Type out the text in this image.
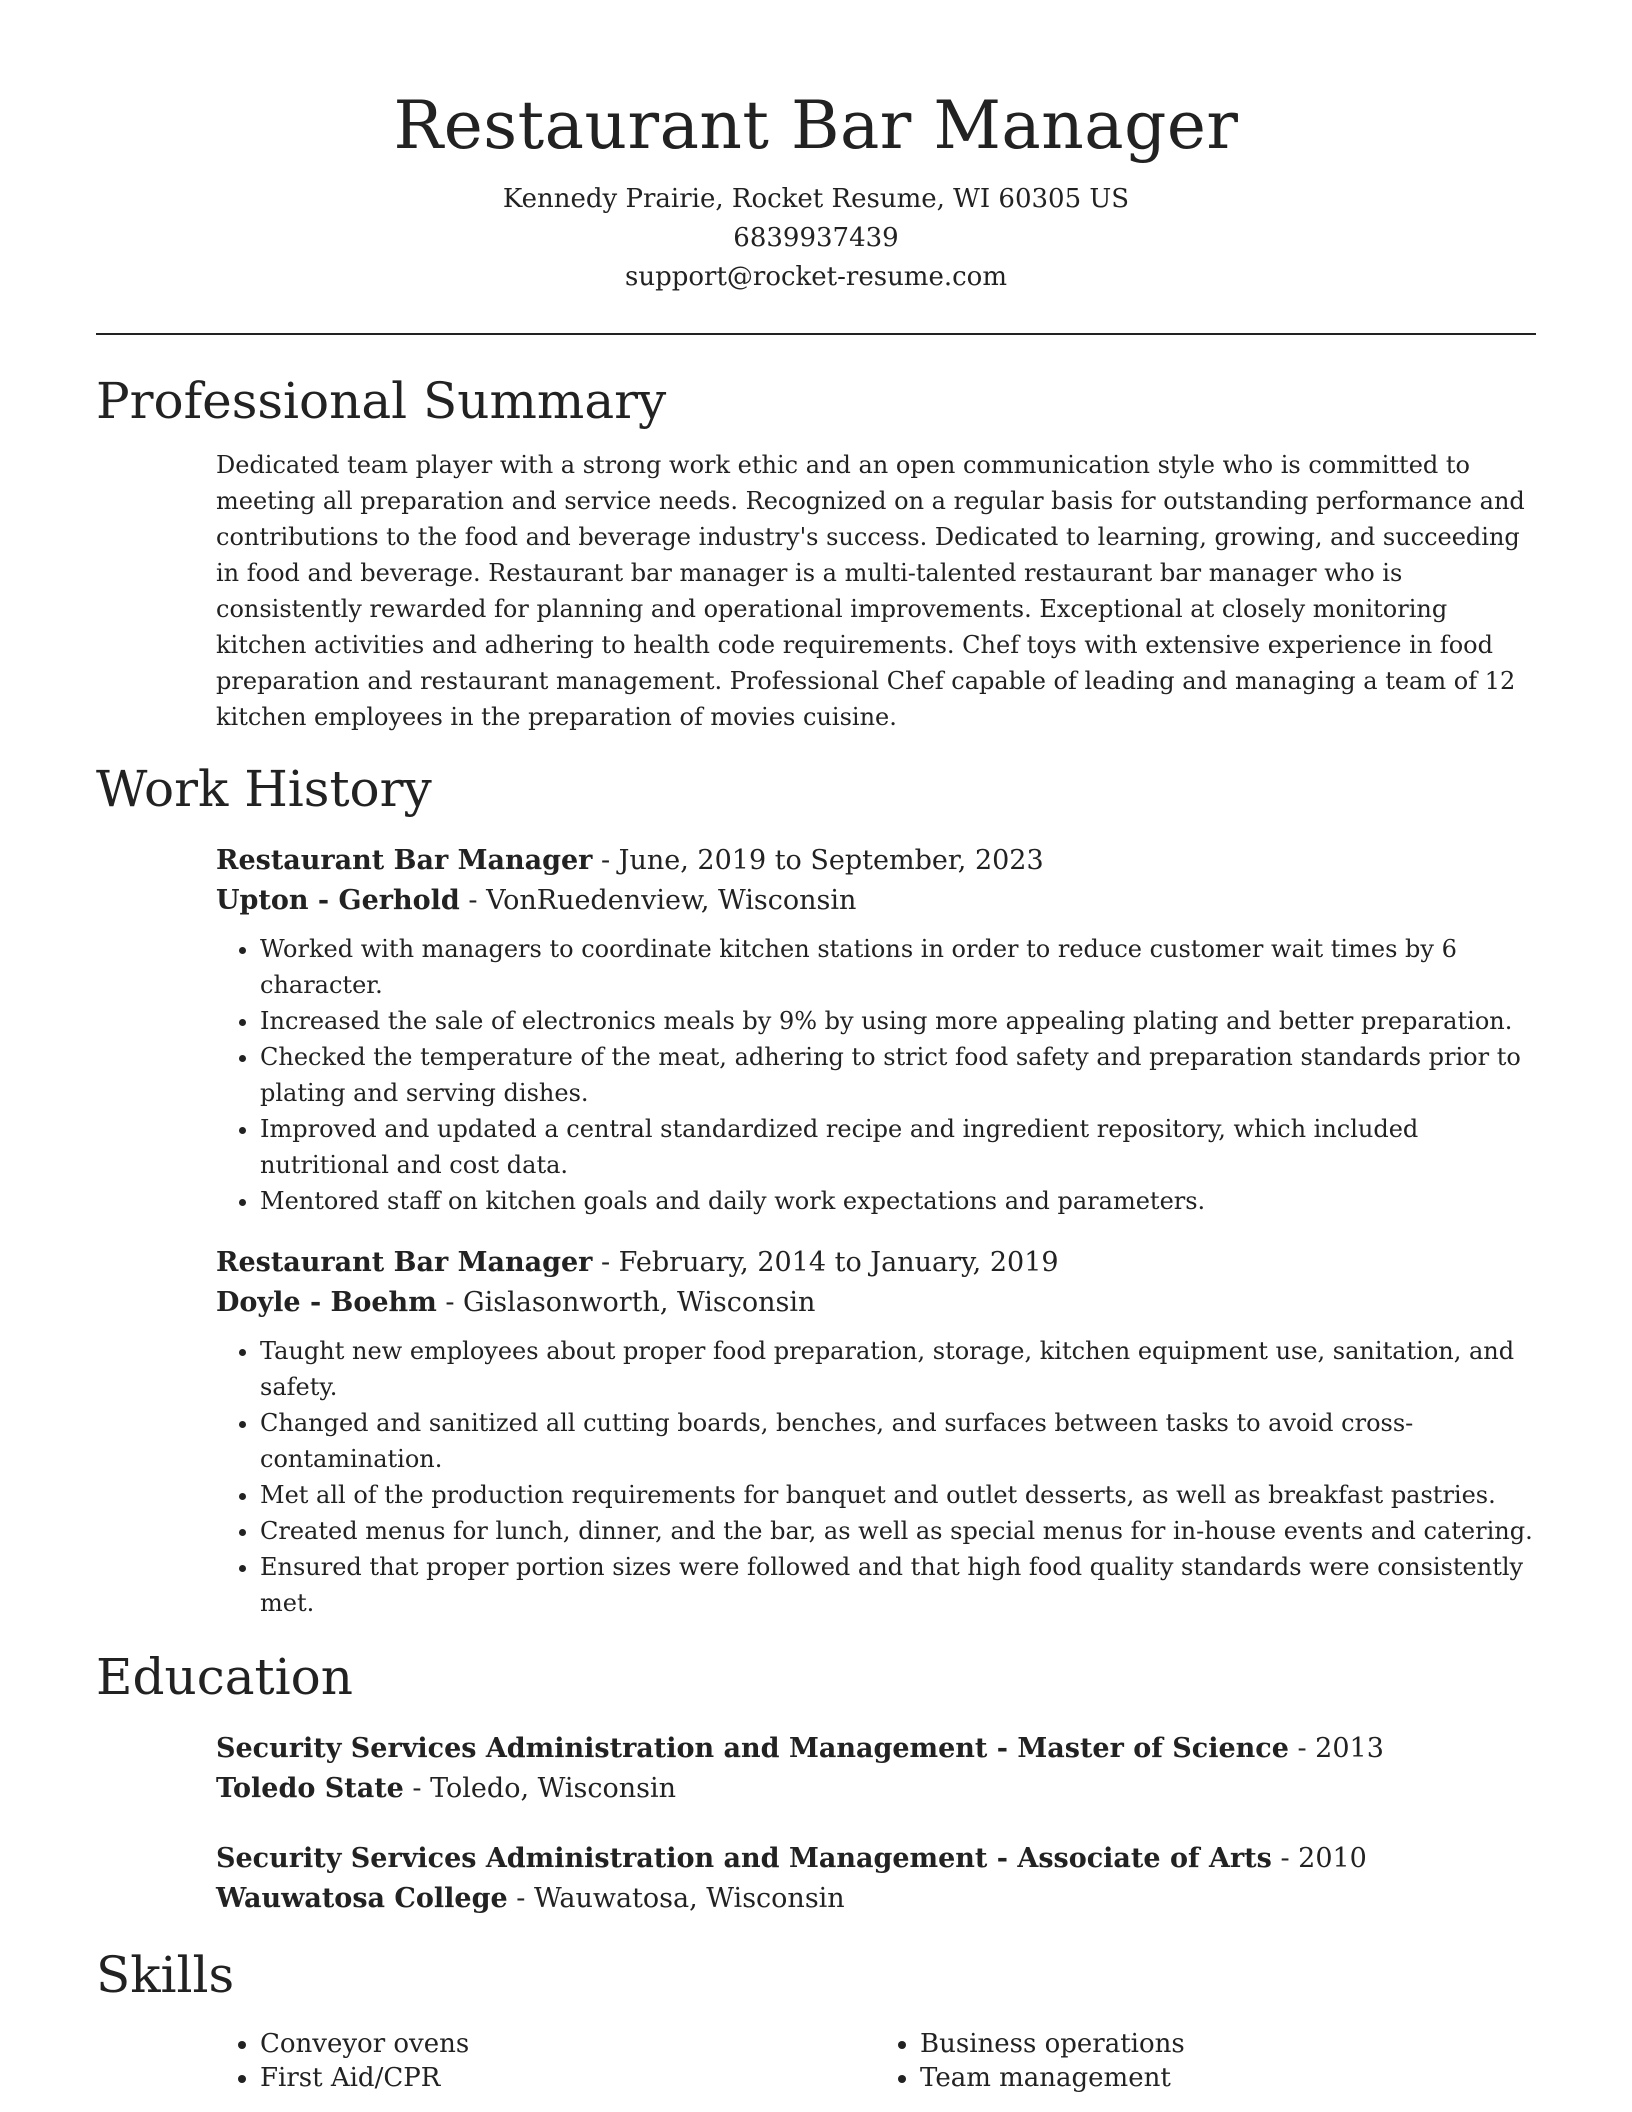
Restaurant Bar Manager
Kennedy Prairie, Rocket Resume, WI 60305 US
6839937439
support@rocket-resume.com
Professional Summary

Dedicated team player with a strong work ethic and an open communication style who is committed to meeting all preparation and service needs. Recognized on a regular basis for outstanding performance and contributions to the food and beverage industry's success. Dedicated to learning, growing, and succeeding in food and beverage. Restaurant bar manager is a multi-talented restaurant bar manager who is consistently rewarded for planning and operational improvements. Exceptional at closely monitoring kitchen activities and adhering to health code requirements. Chef toys with extensive experience in food preparation and restaurant management. Professional Chef capable of leading and managing a team of 12 kitchen employees in the preparation of movies cuisine.

Work History
Restaurant Bar Manager - June, 2019 to September, 2023
Upton - Gerhold - VonRuedenview, Wisconsin
• Worked with managers to coordinate kitchen stations in order to reduce customer wait times by 6 character.
• Increased the sale of electronics meals by 9% by using more appealing plating and better preparation.
• Checked the temperature of the meat, adhering to strict food safety and preparation standards prior to plating and serving dishes.
• Improved and updated a central standardized recipe and ingredient repository, which included nutritional and cost data.
• Mentored staff on kitchen goals and daily work expectations and parameters.
Restaurant Bar Manager - February, 2014 to January, 2019
Doyle - Boehm - Gislasonworth, Wisconsin
• Taught new employees about proper food preparation, storage, kitchen equipment use, sanitation, and safety.
• Changed and sanitized all cutting boards, benches, and surfaces between tasks to avoid cross-contamination.
• Met all of the production requirements for banquet and outlet desserts, as well as breakfast pastries.
• Created menus for lunch, dinner, and the bar, as well as special menus for in-house events and catering.
• Ensured that proper portion sizes were followed and that high food quality standards were consistently met.
Education
Security Services Administration and Management - Master of Science - 2013
Toledo State - Toledo, Wisconsin
Security Services Administration and Management - Associate of Arts - 2010
Wauwatosa College - Wauwatosa, Wisconsin
Skills
• Conveyor ovens
• First Aid/CPR
• Business operations
• Team management
